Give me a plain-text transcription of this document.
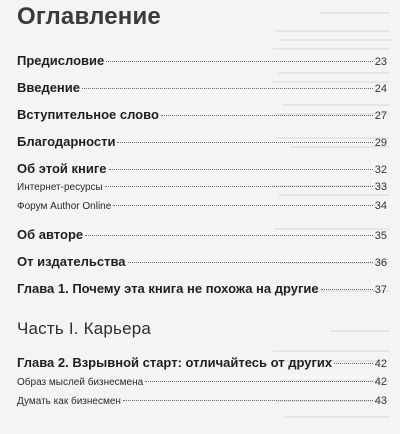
Оглавление
Предисловие	23
Введение	24
Вступительное слово	27
Благодарности	29
Об этой книге	32
Интернет-ресурсы	33
Форум Author Online	34
Об авторе	35
От издательства	36
Глава 1. Почему эта книга не похожа на другие	37
Часть I. Карьера
Глава 2. Взрывной старт: отличайтесь от других	42
Образ мыслей бизнесмена	42
Думать как бизнесмен	43
